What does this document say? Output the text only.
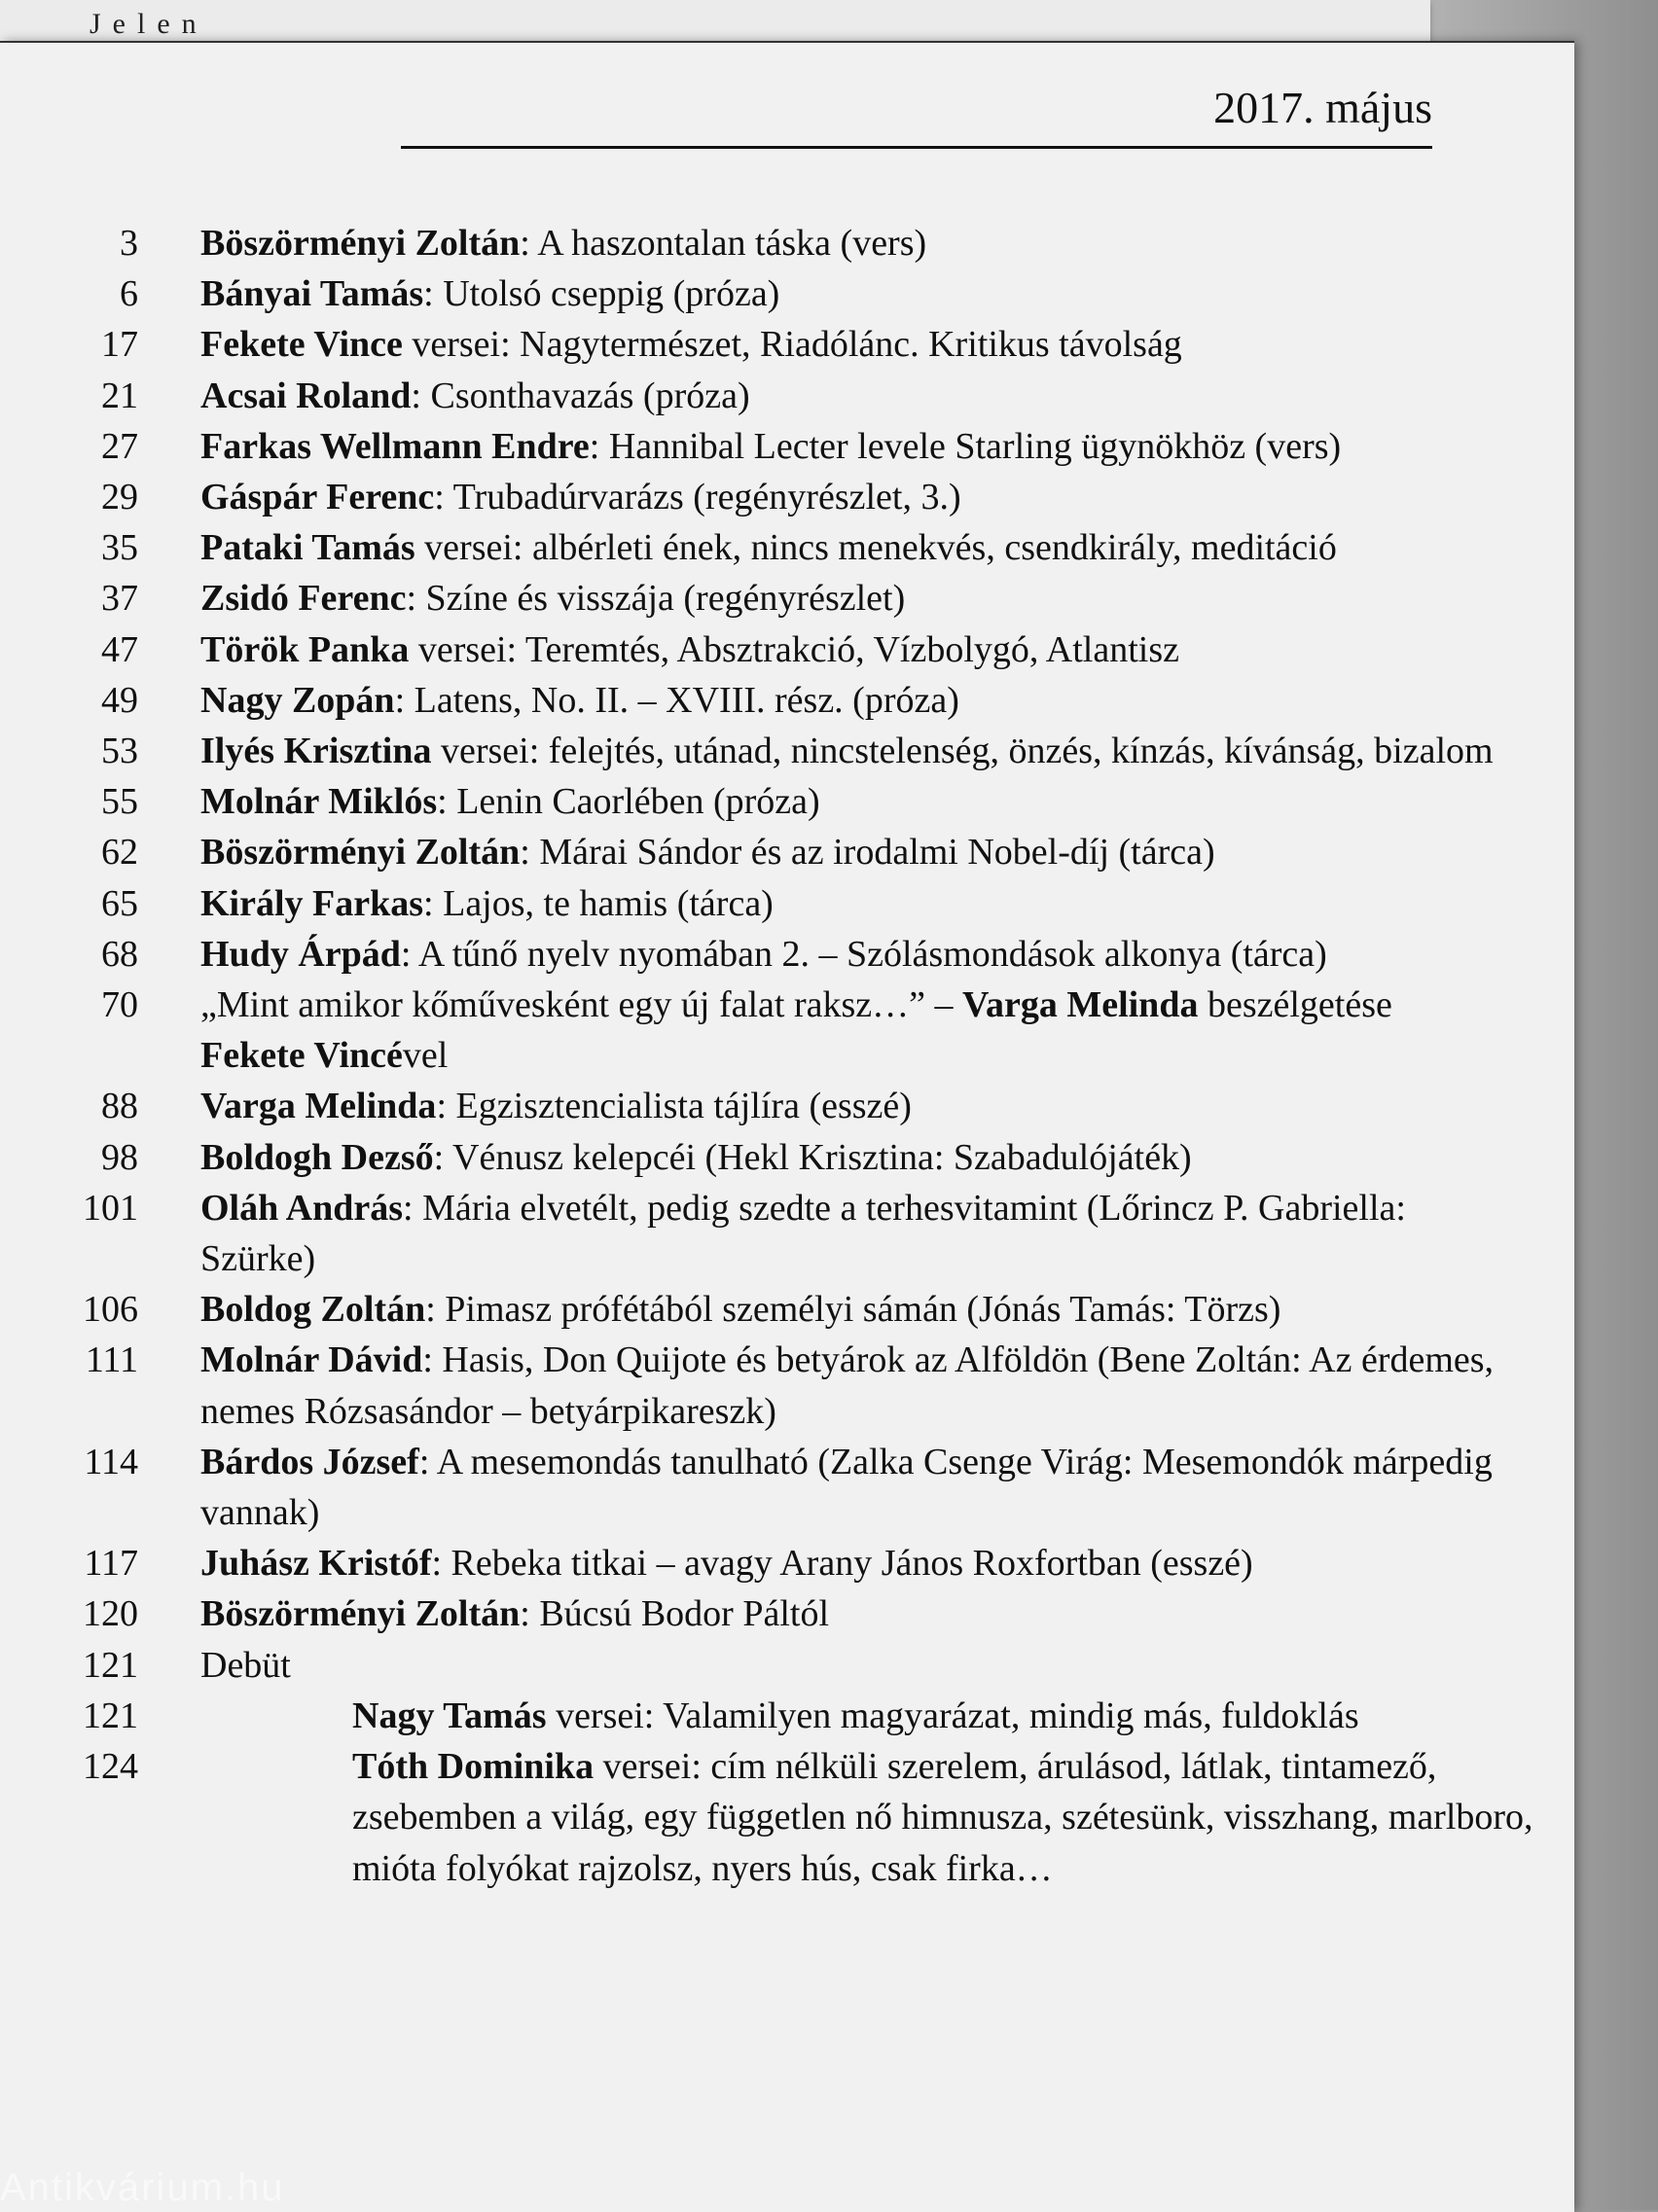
Jelen
2017. május
3 Böszörményi Zoltán: A haszontalan táska (vers)
6 Bányai Tamás: Utolsó cseppig (próza)
17 Fekete Vince versei: Nagytermészet, Riadólánc. Kritikus távolság
21 Acsai Roland: Csonthavazás (próza)
27 Farkas Wellmann Endre: Hannibal Lecter levele Starling ügynökhöz (vers)
29 Gáspár Ferenc: Trubadúrvarázs (regényrészlet, 3.)
35 Pataki Tamás versei: albérleti ének, nincs menekvés, csendkirály, meditáció
37 Zsidó Ferenc: Színe és visszája (regényrészlet)
47 Török Panka versei: Teremtés, Absztrakció, Vízbolygó, Atlantisz
49 Nagy Zopán: Latens, No. II. – XVIII. rész. (próza)
53 Ilyés Krisztina versei: felejtés, utánad, nincstelenség, önzés, kínzás, kívánság, bizalom
55 Molnár Miklós: Lenin Caorlében (próza)
62 Böszörményi Zoltán: Márai Sándor és az irodalmi Nobel-díj (tárca)
65 Király Farkas: Lajos, te hamis (tárca)
68 Hudy Árpád: A tűnő nyelv nyomában 2. – Szólásmondások alkonya (tárca)
70 „Mint amikor kőművesként egy új falat raksz…” – Varga Melinda beszélgetése Fekete Vincével
88 Varga Melinda: Egzisztencialista tájlíra (esszé)
98 Boldogh Dezső: Vénusz kelepcéi (Hekl Krisztina: Szabadulójáték)
101 Oláh András: Mária elvetélt, pedig szedte a terhesvitamint (Lőrincz P. Gabriella: Szürke)
106 Boldog Zoltán: Pimasz prófétából személyi sámán (Jónás Tamás: Törzs)
111 Molnár Dávid: Hasis, Don Quijote és betyárok az Alföldön (Bene Zoltán: Az érdemes, nemes Rózsasándor – betyárpikareszk)
114 Bárdos József: A mesemondás tanulható (Zalka Csenge Virág: Mesemondók márpedig vannak)
117 Juhász Kristóf: Rebeka titkai – avagy Arany János Roxfortban (esszé)
120 Böszörményi Zoltán: Búcsú Bodor Páltól
121 Debüt
121	Nagy Tamás versei: Valamilyen magyarázat, mindig más, fuldoklás
124	Tóth Dominika versei: cím nélküli szerelem, árulásod, látlak, tintamező, zsebemben a világ, egy független nő himnusza, szétesünk, visszhang, marlboro, mióta folyókat rajzolsz, nyers hús, csak firka…
Antikvárium.hu
